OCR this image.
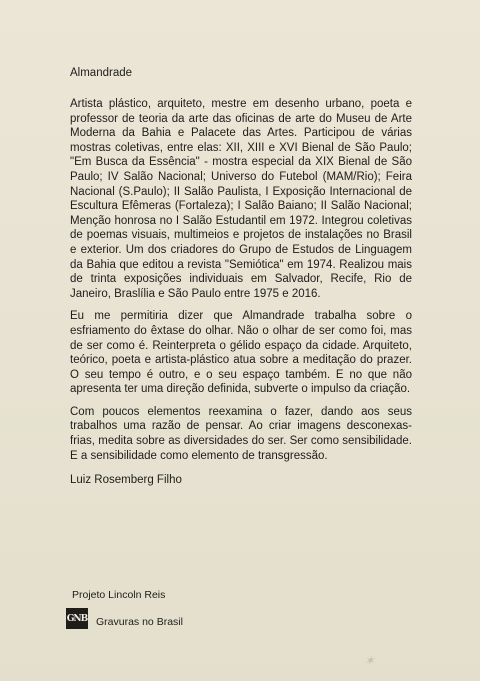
Almandrade

Artista plástico, arquiteto, mestre em desenho urbano, poeta e professor de teoria da arte das oficinas de arte do Museu de Arte Moderna da Bahia e Palacete das Artes. Participou de várias mostras coletivas, entre elas: XII, XIII e XVI Bienal de São Paulo; "Em Busca da Essência" - mostra especial da XIX Bienal de São Paulo; IV Salão Nacional; Universo do Futebol (MAM/Rio); Feira Nacional (S.Paulo); II Salão Paulista, I Exposição Internacional de Escultura Efêmeras (Fortaleza); I Salão Baiano; II Salão Nacional; Menção honrosa no I Salão Estudantil em 1972. Integrou coletivas de poemas visuais, multimeios e projetos de instalações no Brasil e exterior. Um dos criadores do Grupo de Estudos de Linguagem da Bahia que editou a revista "Semiótica" em 1974. Realizou mais de trinta exposições individuais em Salvador, Recife, Rio de Janeiro, Braslília e São Paulo entre 1975 e 2016.

Eu me permitiria dizer que Almandrade trabalha sobre o esfriamento do êxtase do olhar. Não o olhar de ser como foi, mas de ser como é. Reinterpreta o gélido espaço da cidade. Arquiteto, teórico, poeta e artista-plástico atua sobre a meditação do prazer. O seu tempo é outro, e o seu espaço também. E no que não apresenta ter uma direção definida, subverte o impulso da criação.

Com poucos elementos reexamina o fazer, dando aos seus trabalhos uma razão de pensar. Ao criar imagens desconexas-frias, medita sobre as diversidades do ser. Ser como sensibilidade. E a sensibilidade como elemento de transgressão.

Luiz Rosemberg Filho

Projeto Lincoln Reis
GNB Gravuras no Brasil
✶
